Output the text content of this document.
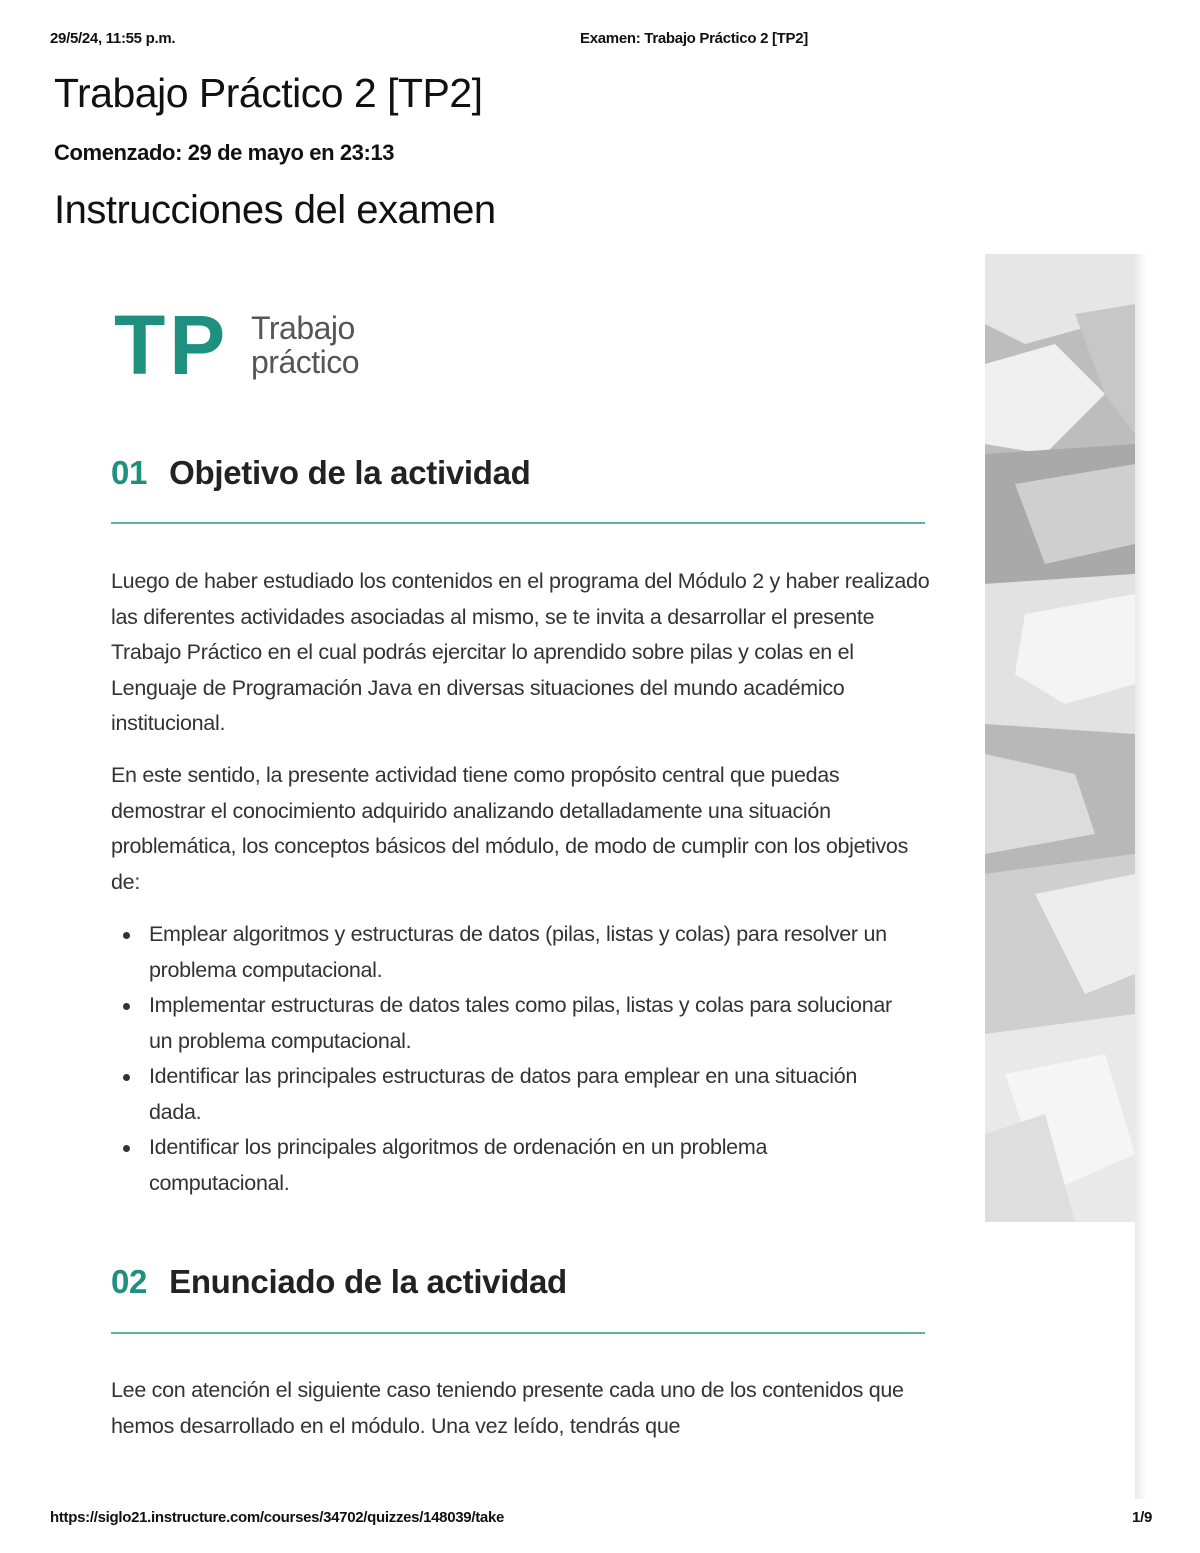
29/5/24, 11:55 p.m.	Examen: Trabajo Práctico 2 [TP2]
Trabajo Práctico 2 [TP2]
Comenzado: 29 de mayo en 23:13
Instrucciones del examen
TP Trabajo
práctico
01 Objetivo de la actividad

Luego de haber estudiado los contenidos en el programa del Módulo 2 y haber realizado las diferentes actividades asociadas al mismo, se te invita a desarrollar el presente Trabajo Práctico en el cual podrás ejercitar lo aprendido sobre pilas y colas en el Lenguaje de Programación Java en diversas situaciones del mundo académico institucional.

En este sentido, la presente actividad tiene como propósito central que puedas demostrar el conocimiento adquirido analizando detalladamente una situación problemática, los conceptos básicos del módulo, de modo de cumplir con los objetivos de:

Emplear algoritmos y estructuras de datos (pilas, listas y colas) para resolver un problema computacional.
Implementar estructuras de datos tales como pilas, listas y colas para solucionar un problema computacional.
Identificar las principales estructuras de datos para emplear en una situación dada.
Identificar los principales algoritmos de ordenación en un problema computacional.
02 Enunciado de la actividad

Lee con atención el siguiente caso teniendo presente cada uno de los contenidos que hemos desarrollado en el módulo. Una vez leído, tendrás que

https://siglo21.instructure.com/courses/34702/quizzes/148039/take	1/9
